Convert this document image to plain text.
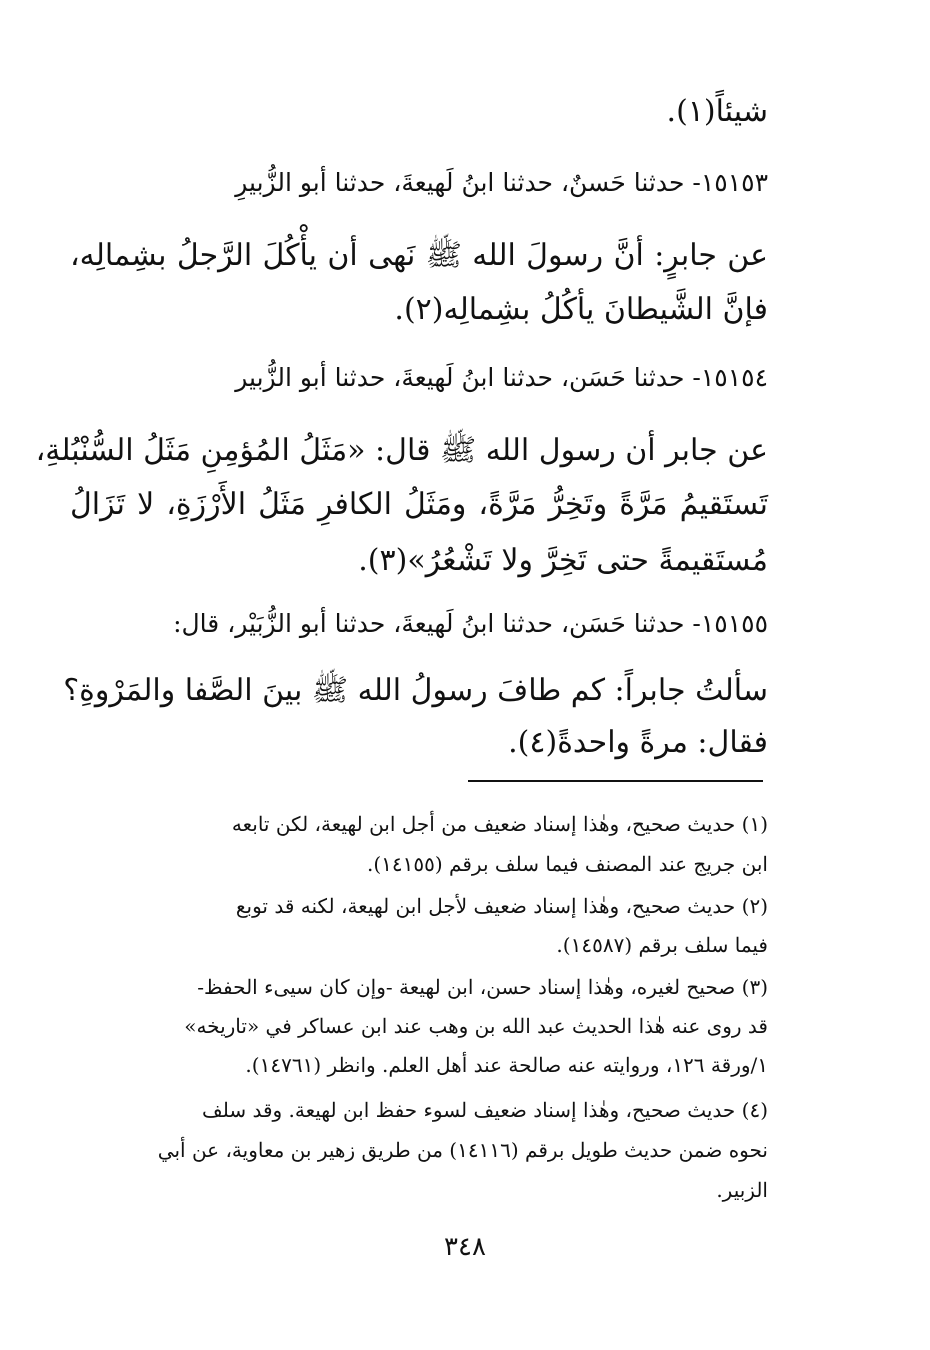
شيئاً(١).
١٥١٥٣- حدثنا حَسنٌ، حدثنا ابنُ لَهيعةَ، حدثنا أبو الزُّبيرِ
عن جابرٍ: أنَّ رسولَ الله ﷺ نَهى أن يأْكُلَ الرَّجلُ بشِمالِه،
فإنَّ الشَّيطانَ يأكُلُ بشِمالِه(٢).
١٥١٥٤- حدثنا حَسَن، حدثنا ابنُ لَهيعةَ، حدثنا أبو الزُّبير
عن جابر أن رسول الله ﷺ قال: «مَثَلُ المُؤمِنِ مَثَلُ السُّنْبُلةِ،
تَستَقيمُ مَرَّةً وتَخِرُّ مَرَّةً، ومَثَلُ الكافرِ مَثَلُ الأَرْزَةِ، لا تَزَالُ
مُستَقيمةً حتى تَخِرَّ ولا تَشْعُرُ»(٣).
١٥١٥٥- حدثنا حَسَن، حدثنا ابنُ لَهيعةَ، حدثنا أبو الزُّبَيْر، قال:
سألتُ جابراً: كم طافَ رسولُ الله ﷺ بينَ الصَّفا والمَرْوةِ؟
فقال: مرةً واحدةً(٤).
(١) حديث صحيح، وهٰذا إسناد ضعيف من أجل ابن لهيعة، لكن تابعه
ابن جريج عند المصنف فيما سلف برقم (١٤١٥٥).
(٢) حديث صحيح، وهٰذا إسناد ضعيف لأجل ابن لهيعة، لكنه قد توبع
فيما سلف برقم (١٤٥٨٧).
(٣) صحيح لغيره، وهٰذا إسناد حسن، ابن لهيعة -وإن كان سيىء الحفظ-
قد روى عنه هٰذا الحديث عبد الله بن وهب عند ابن عساكر في «تاريخه»
١/ورقة ١٢٦، وروايته عنه صالحة عند أهل العلم. وانظر (١٤٧٦١).
(٤) حديث صحيح، وهٰذا إسناد ضعيف لسوء حفظ ابن لهيعة. وقد سلف
نحوه ضمن حديث طويل برقم (١٤١١٦) من طريق زهير بن معاوية، عن أبي
الزبير.
٣٤٨
